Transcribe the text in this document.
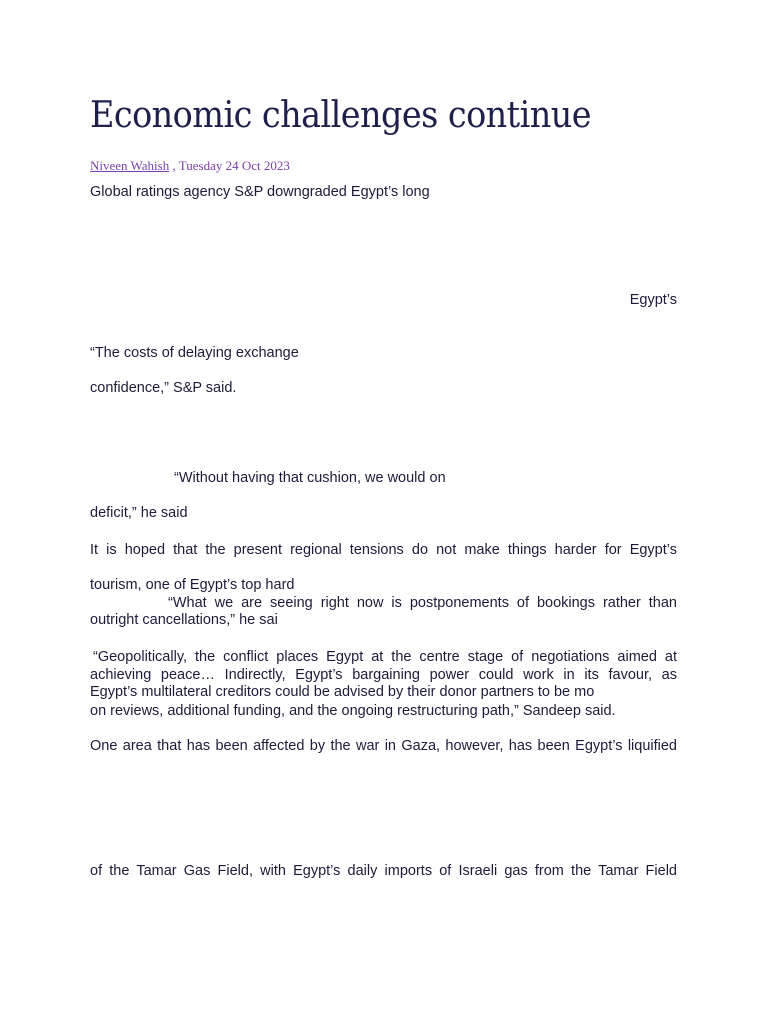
Economic challenges continue
Niveen Wahish , Tuesday 24 Oct 2023
Global ratings agency S&P downgraded Egypt’s long
Egypt’s
“The costs of delaying exchange
confidence,” S&P said.
“Without having that cushion, we would on
deficit,” he said
It is hoped that the present regional tensions do not make things harder for Egypt’s
tourism, one of Egypt’s top hard
“What we are seeing right now is postponements of bookings rather than
outright cancellations,” he sai
“Geopolitically, the conflict places Egypt at the centre stage of negotiations aimed at
achieving peace… Indirectly, Egypt’s bargaining power could work in its favour, as
Egypt’s multilateral creditors could be advised by their donor partners to be mo
on reviews, additional funding, and the ongoing restructuring path,” Sandeep said.
One area that has been affected by the war in Gaza, however, has been Egypt’s liquified
of the Tamar Gas Field, with Egypt’s daily imports of Israeli gas from the Tamar Field
